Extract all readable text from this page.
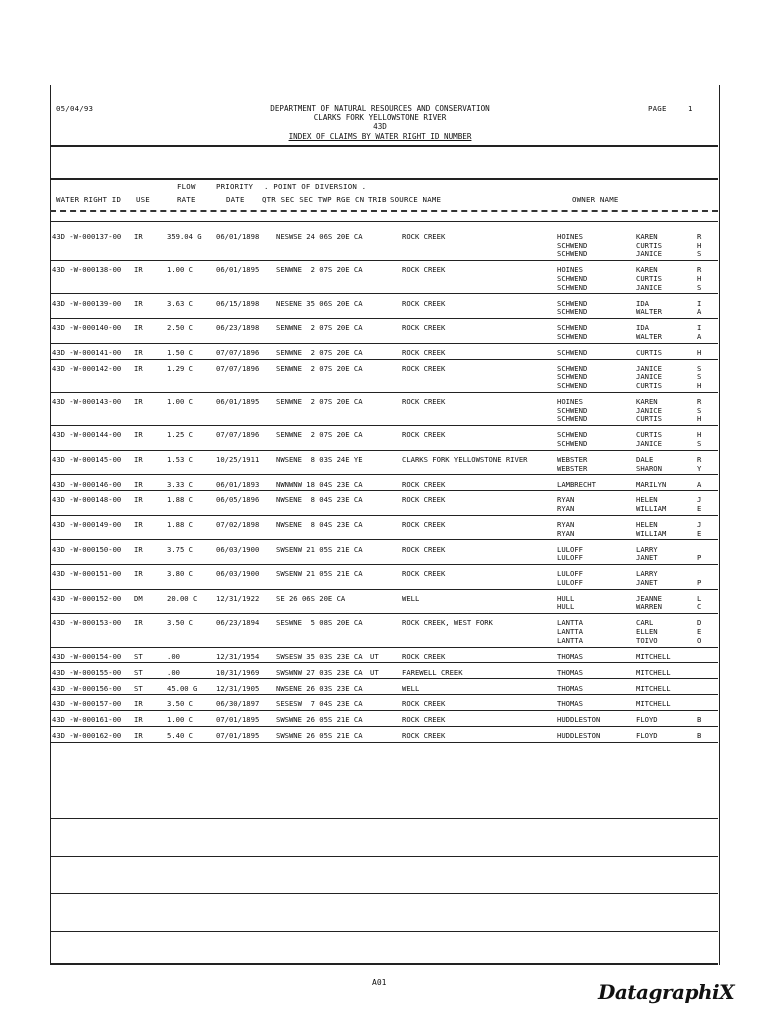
05/04/93	DEPARTMENT OF NATURAL RESOURCES AND CONSERVATION
CLARKS FORK YELLOWSTONE RIVER
43D
INDEX OF CLAIMS BY WATER RIGHT ID NUMBER
PAGE	1
FLOW	PRIORITY . POINT OF DIVERSION .
WATER RIGHT ID USE	RATE	DATE QTR SEC SEC TWP RGE CN TRIB SOURCE NAME	OWNER NAME
43D -W-000137-00 IR	359.04 G 06/01/1898 NESWSE 24 06S 20E CA	ROCK CREEK	HOINES	KAREN	R
SCHWEND	CURTIS	H
SCHWEND	JANICE	S
43D -W-000138-00 IR	1.00 C	06/01/1895 SENWNE  2 07S 20E CA	ROCK CREEK	HOINES	KAREN	R
SCHWEND	CURTIS	H
SCHWEND	JANICE	S
43D -W-000139-00 IR	3.63 C	06/15/1898 NESENE 35 06S 20E CA	ROCK CREEK	SCHWEND	IDA	I
SCHWEND	WALTER	A
43D -W-000140-00 IR	2.50 C	06/23/1898 SENWNE  2 07S 20E CA	ROCK CREEK	SCHWEND	IDA	I
SCHWEND	WALTER	A
43D -W-000141-00 IR	1.50 C	07/07/1896 SENWNE  2 07S 20E CA	ROCK CREEK	SCHWEND	CURTIS	H
43D -W-000142-00 IR	1.29 C	07/07/1896 SENWNE  2 07S 20E CA	ROCK CREEK	SCHWEND	JANICE	S
SCHWEND	JANICE	S
SCHWEND	CURTIS	H
43D -W-000143-00 IR	1.00 C	06/01/1895 SENWNE  2 07S 20E CA	ROCK CREEK	HOINES	KAREN	R
SCHWEND	JANICE	S
SCHWEND	CURTIS	H
43D -W-000144-00 IR	1.25 C	07/07/1896 SENWNE  2 07S 20E CA	ROCK CREEK	SCHWEND	CURTIS	H
SCHWEND	JANICE	S
43D -W-000145-00 IR	1.53 C	10/25/1911 NWSENE  8 03S 24E YE	CLARKS FORK YELLOWSTONE RIVER	WEBSTER	DALE	R
WEBSTER	SHARON	Y
43D -W-000146-00 IR	3.33 C	06/01/1893 NWNWNW 18 04S 23E CA	ROCK CREEK	LAMBRECHT	MARILYN	A
43D -W-000148-00 IR	1.88 C	06/05/1896 NWSENE  8 04S 23E CA	ROCK CREEK	RYAN	HELEN	J
RYAN	WILLIAM	E
43D -W-000149-00 IR	1.88 C	07/02/1898 NWSENE  8 04S 23E CA	ROCK CREEK	RYAN	HELEN	J
RYAN	WILLIAM	E
43D -W-000150-00 IR	3.75 C	06/03/1900 SWSENW 21 05S 21E CA	ROCK CREEK	LULOFF	LARRY
LULOFF	JANET	P
43D -W-000151-00 IR	3.80 C	06/03/1900 SWSENW 21 05S 21E CA	ROCK CREEK	LULOFF	LARRY
LULOFF	JANET	P
43D -W-000152-00 DM	20.00 C	12/31/1922 SE 26 06S 20E CA	WELL	HULL	JEANNE	L
HULL	WARREN	C
43D -W-000153-00 IR	3.50 C	06/23/1894 SESWNE  5 08S 20E CA	ROCK CREEK, WEST FORK	LANTTA	CARL	D
LANTTA	ELLEN	E
LANTTA	TOIVO	O
43D -W-000154-00 ST	.00	12/31/1954 SWSESW 35 03S 23E CA UT	ROCK CREEK	THOMAS	MITCHELL
43D -W-000155-00 ST	.00	10/31/1969 SWSWNW 27 03S 23E CA UT	FAREWELL CREEK	THOMAS	MITCHELL
43D -W-000156-00 ST	45.00 G	12/31/1905 NWSENE 26 03S 23E CA	WELL	THOMAS	MITCHELL
43D -W-000157-00 IR	3.50 C	06/30/1897 SESESW  7 04S 23E CA	ROCK CREEK	THOMAS	MITCHELL
43D -W-000161-00 IR	1.00 C	07/01/1895 SWSWNE 26 05S 21E CA	ROCK CREEK	HUDDLESTON	FLOYD	B
43D -W-000162-00 IR	5.40 C	07/01/1895 SWSWNE 26 05S 21E CA	ROCK CREEK	HUDDLESTON	FLOYD	B
A01	DatagraphiX
